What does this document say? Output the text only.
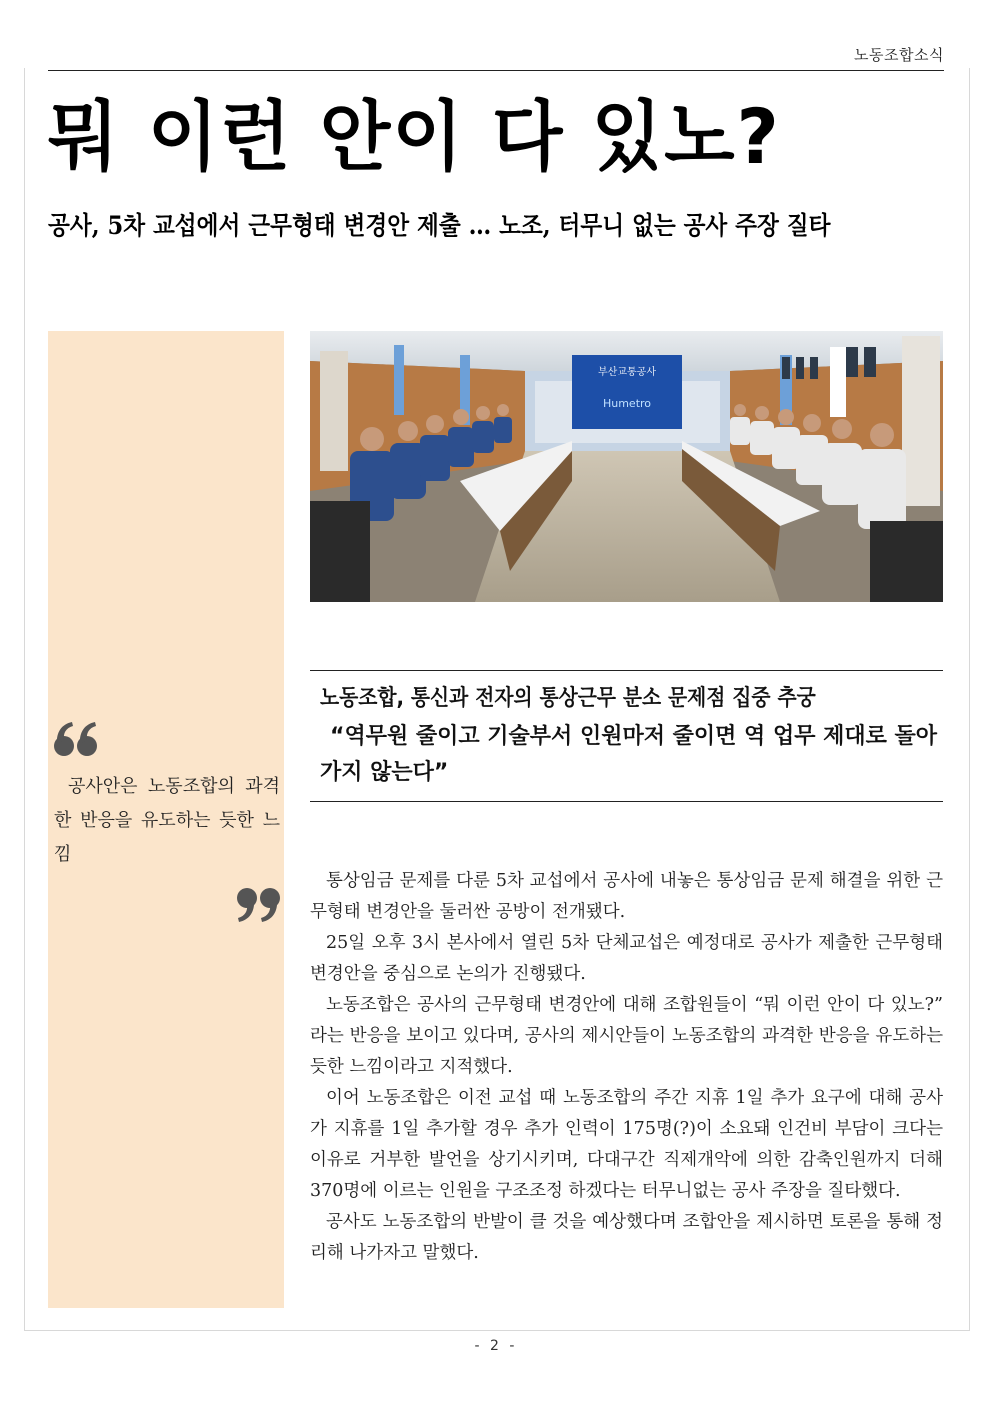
노동조합소식
뭐 이런 안이 다 있노?
공사, 5차 교섭에서 근무형태 변경안 제출 … 노조, 터무니 없는 공사 주장 질타

공사안은 노동조합의 과격한 반응을 유도하는 듯한 느낌

부산교통공사
Humetro

노동조합, 통신과 전자의 통상근무 분소 문제점 집중 추궁

“역무원 줄이고 기술부서 인원마저 줄이면 역 업무 제대로 돌아가지 않는다”

통상임금 문제를 다룬 5차 교섭에서 공사에 내놓은 통상임금 문제 해결을 위한 근무형태 변경안을 둘러싼 공방이 전개됐다.

25일 오후 3시 본사에서 열린 5차 단체교섭은 예정대로 공사가 제출한 근무형태 변경안을 중심으로 논의가 진행됐다.

노동조합은 공사의 근무형태 변경안에 대해 조합원들이 “뭐 이런 안이 다 있노?” 라는 반응을 보이고 있다며, 공사의 제시안들이 노동조합의 과격한 반응을 유도하는 듯한 느낌이라고 지적했다.

이어 노동조합은 이전 교섭 때 노동조합의 주간 지휴 1일 추가 요구에 대해 공사가 지휴를 1일 추가할 경우 추가 인력이 175명(?)이 소요돼 인건비 부담이 크다는 이유로 거부한 발언을 상기시키며, 다대구간 직제개악에 의한 감축인원까지 더해 370명에 이르는 인원을 구조조정 하겠다는 터무니없는 공사 주장을 질타했다.

공사도 노동조합의 반발이 클 것을 예상했다며 조합안을 제시하면 토론을 통해 정리해 나가자고 말했다.

- 2 -
